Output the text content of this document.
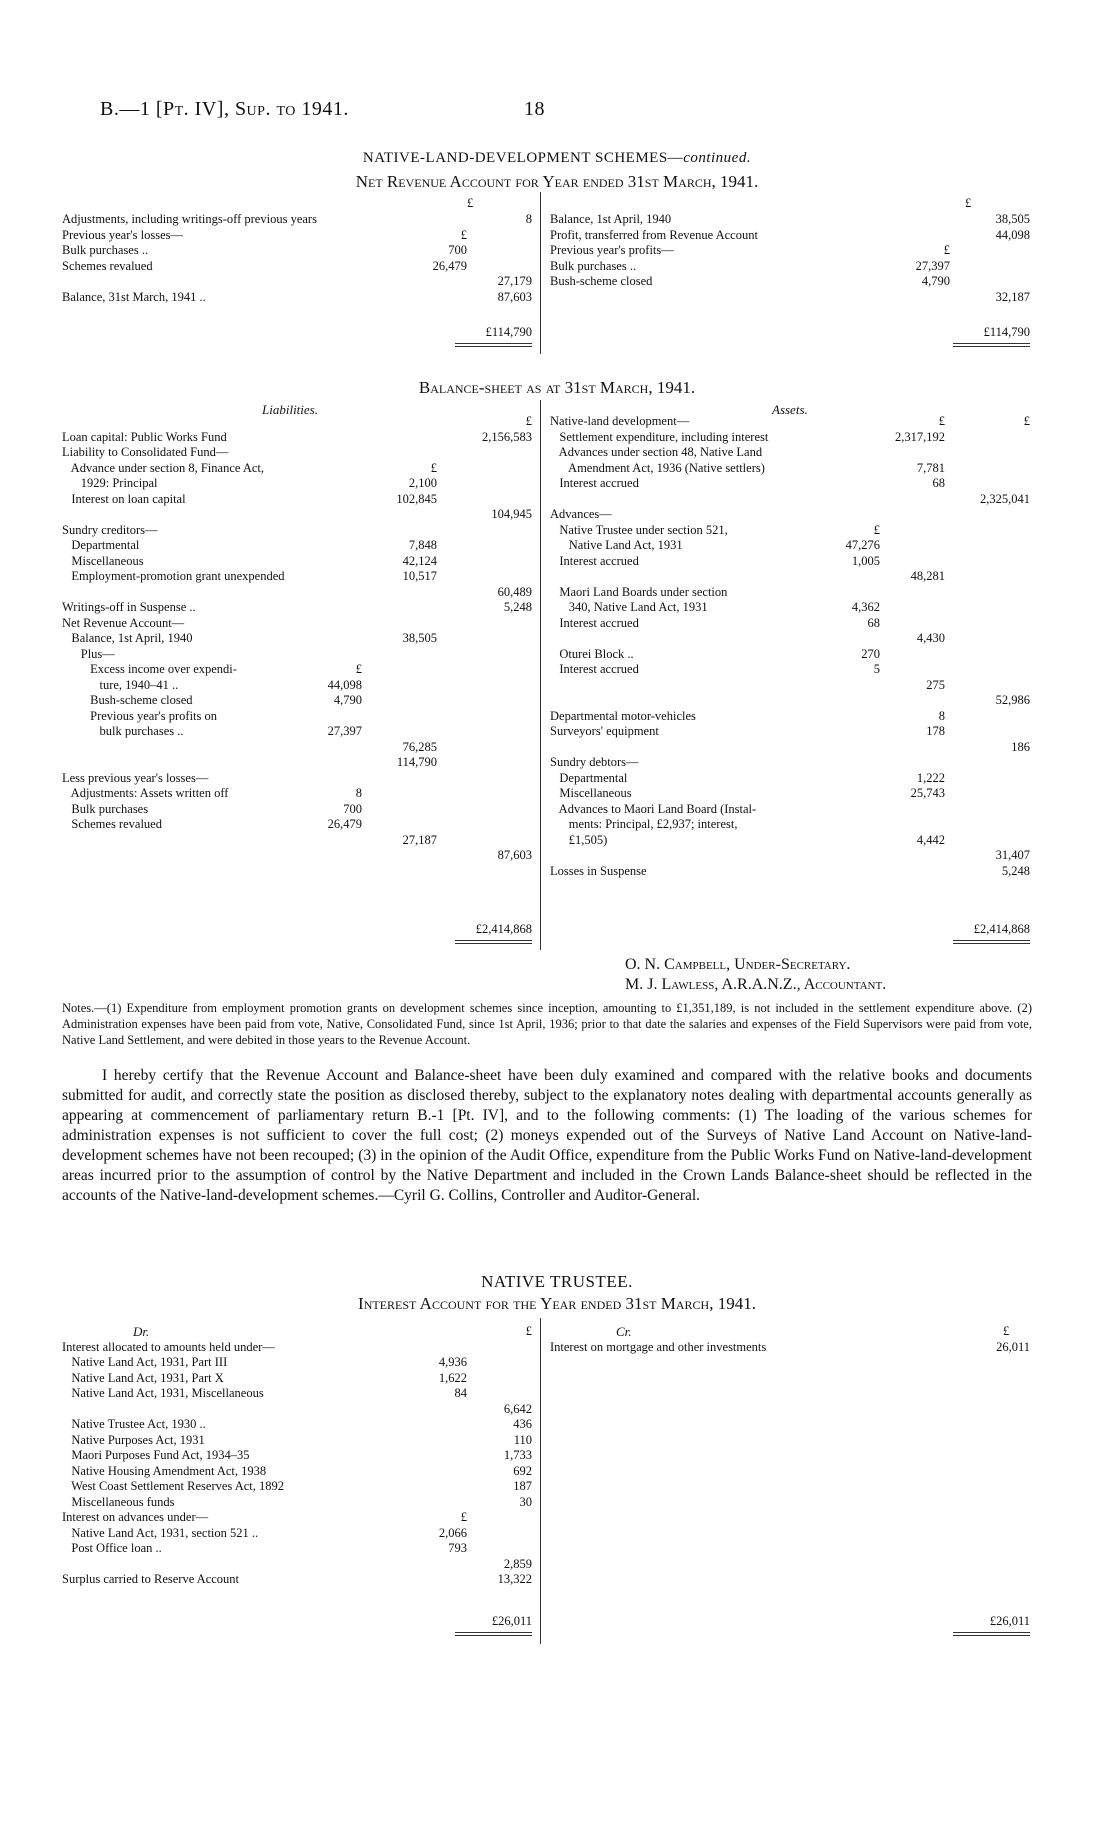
B.—1 [Pt. IV], Sup. to 1941.	18
NATIVE-LAND-DEVELOPMENT SCHEMES—continued.
Net Revenue Account for Year ended 31st March, 1941.
£
Adjustments, including writings-off previous years		8
Previous year's losses—	£	
Bulk purchases ..	700	
Schemes revalued	26,479	
		27,179
Balance, 31st March, 1941 ..		87,603
£
Balance, 1st April, 1940		38,505
Profit, transferred from Revenue Account		44,098
Previous year's profits—	£	
Bulk purchases ..	27,397	
Bush-scheme closed	4,790	
		32,187
£114,790	£114,790
Balance-sheet as at 31st March, 1941.
Liabilities.	Assets.
			£
Loan capital: Public Works Fund			2,156,583
Liability to Consolidated Fund—			
Advance under section 8, Finance Act,		£	
1929: Principal		2,100	
Interest on loan capital		102,845	
			104,945
Sundry creditors—			
Departmental		7,848	
Miscellaneous		42,124	
Employment-promotion grant unexpended		10,517	
			60,489
Writings-off in Suspense ..			5,248
Net Revenue Account—			
Balance, 1st April, 1940		38,505	
Plus—			
Excess income over expendi-	£		
ture, 1940–41 ..	44,098		
Bush-scheme closed	4,790		
Previous year's profits on			
bulk purchases ..	27,397		
		76,285	
		114,790	
Less previous year's losses—			
Adjustments: Assets written off	8		
Bulk purchases	700		
Schemes revalued	26,479		
		27,187	
			87,603
Native-land development—		£	£
Settlement expenditure, including interest		2,317,192	
Advances under section 48, Native Land			
Amendment Act, 1936 (Native settlers)		7,781	
Interest accrued		68	
			2,325,041
Advances—			
Native Trustee under section 521,	£		
Native Land Act, 1931	47,276		
Interest accrued	1,005		
		48,281	
Maori Land Boards under section			
340, Native Land Act, 1931	4,362		
Interest accrued	68		
		4,430	
Oturei Block ..	270		
Interest accrued	5		
		275	
			52,986
Departmental motor-vehicles		8	
Surveyors' equipment		178	
			186
Sundry debtors—			
Departmental		1,222	
Miscellaneous		25,743	
Advances to Maori Land Board (Instal-			
ments: Principal, £2,937; interest,			
£1,505)		4,442	
			31,407
Losses in Suspense			5,248
£2,414,868	£2,414,868
O. N. Campbell, Under-Secretary.
M. J. Lawless, A.R.A.N.Z., Accountant.
Notes.—(1) Expenditure from employment promotion grants on development schemes since inception, amounting to £1,351,189, is not included in the settlement expenditure above. (2) Administration expenses have been paid from vote, Native, Consolidated Fund, since 1st April, 1936; prior to that date the salaries and expenses of the Field Supervisors were paid from vote, Native Land Settlement, and were debited in those years to the Revenue Account.
I hereby certify that the Revenue Account and Balance-sheet have been duly examined and compared with the relative books and documents submitted for audit, and correctly state the position as disclosed thereby, subject to the explanatory notes dealing with departmental accounts generally as appearing at commencement of parliamentary return B.-1 [Pt. IV], and to the following comments: (1) The loading of the various schemes for administration expenses is not sufficient to cover the full cost; (2) moneys expended out of the Surveys of Native Land Account on Native-land-development schemes have not been recouped; (3) in the opinion of the Audit Office, expenditure from the Public Works Fund on Native-land-development areas incurred prior to the assumption of control by the Native Department and included in the Crown Lands Balance-sheet should be reflected in the accounts of the Native-land-development schemes.—Cyril G. Collins, Controller and Auditor-General.
NATIVE TRUSTEE.
Interest Account for the Year ended 31st March, 1941.
Dr.	Cr.	£
		£
Interest allocated to amounts held under—		
Native Land Act, 1931, Part III	4,936	
Native Land Act, 1931, Part X	1,622	
Native Land Act, 1931, Miscellaneous	84	
		6,642
Native Trustee Act, 1930 ..		436
Native Purposes Act, 1931		110
Maori Purposes Fund Act, 1934–35		1,733
Native Housing Amendment Act, 1938		692
West Coast Settlement Reserves Act, 1892		187
Miscellaneous funds		30
Interest on advances under—	£	
Native Land Act, 1931, section 521 ..	2,066	
Post Office loan ..	793	
		2,859
Surplus carried to Reserve Account		13,322
Interest on mortgage and other investments	26,011
£26,011	£26,011
